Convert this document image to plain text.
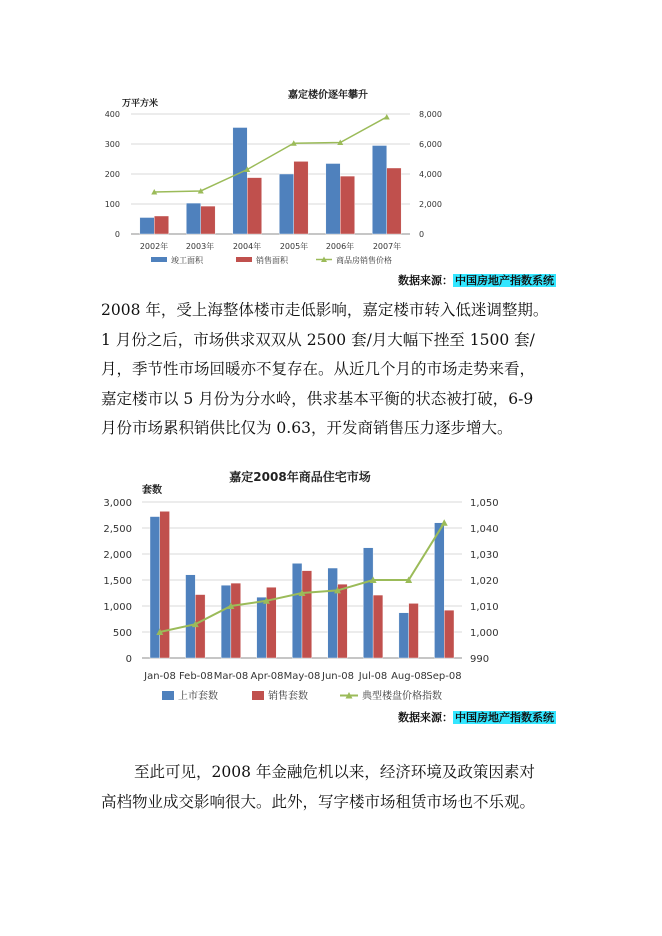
嘉定楼价逐年攀升
万平方米
0
100
200
300
400
0
2,000
4,000
6,000
8,000
2002年 2003年 2004年 2005年 2006年 2007年
竣工面积	销售面积	商品房销售价格
数据来源： 中国房地产指数系统
2008 年，受上海整体楼市走低影响，嘉定楼市转入低迷调整期。
1 月份之后，市场供求双双从 2500 套/月大幅下挫至 1500 套/
月，季节性市场回暖亦不复存在。从近几个月的市场走势来看，
嘉定楼市以 5 月份为分水岭，供求基本平衡的状态被打破，6-9
月份市场累积销供比仅为 0.63，开发商销售压力逐步增大。
嘉定2008年商品住宅市场
套数
0
500
1,000
1,500
2,000
2,500
3,000
990
1,000
1,010
1,020
1,030
1,040
1,050
Jan-08 Feb-08 Mar-08 Apr-08 May-08 Jun-08 Jul-08 Aug-08 Sep-08
上市套数	销售套数	典型楼盘价格指数
数据来源： 中国房地产指数系统
至此可见，2008 年金融危机以来，经济环境及政策因素对
高档物业成交影响很大。此外，写字楼市场租赁市场也不乐观。
